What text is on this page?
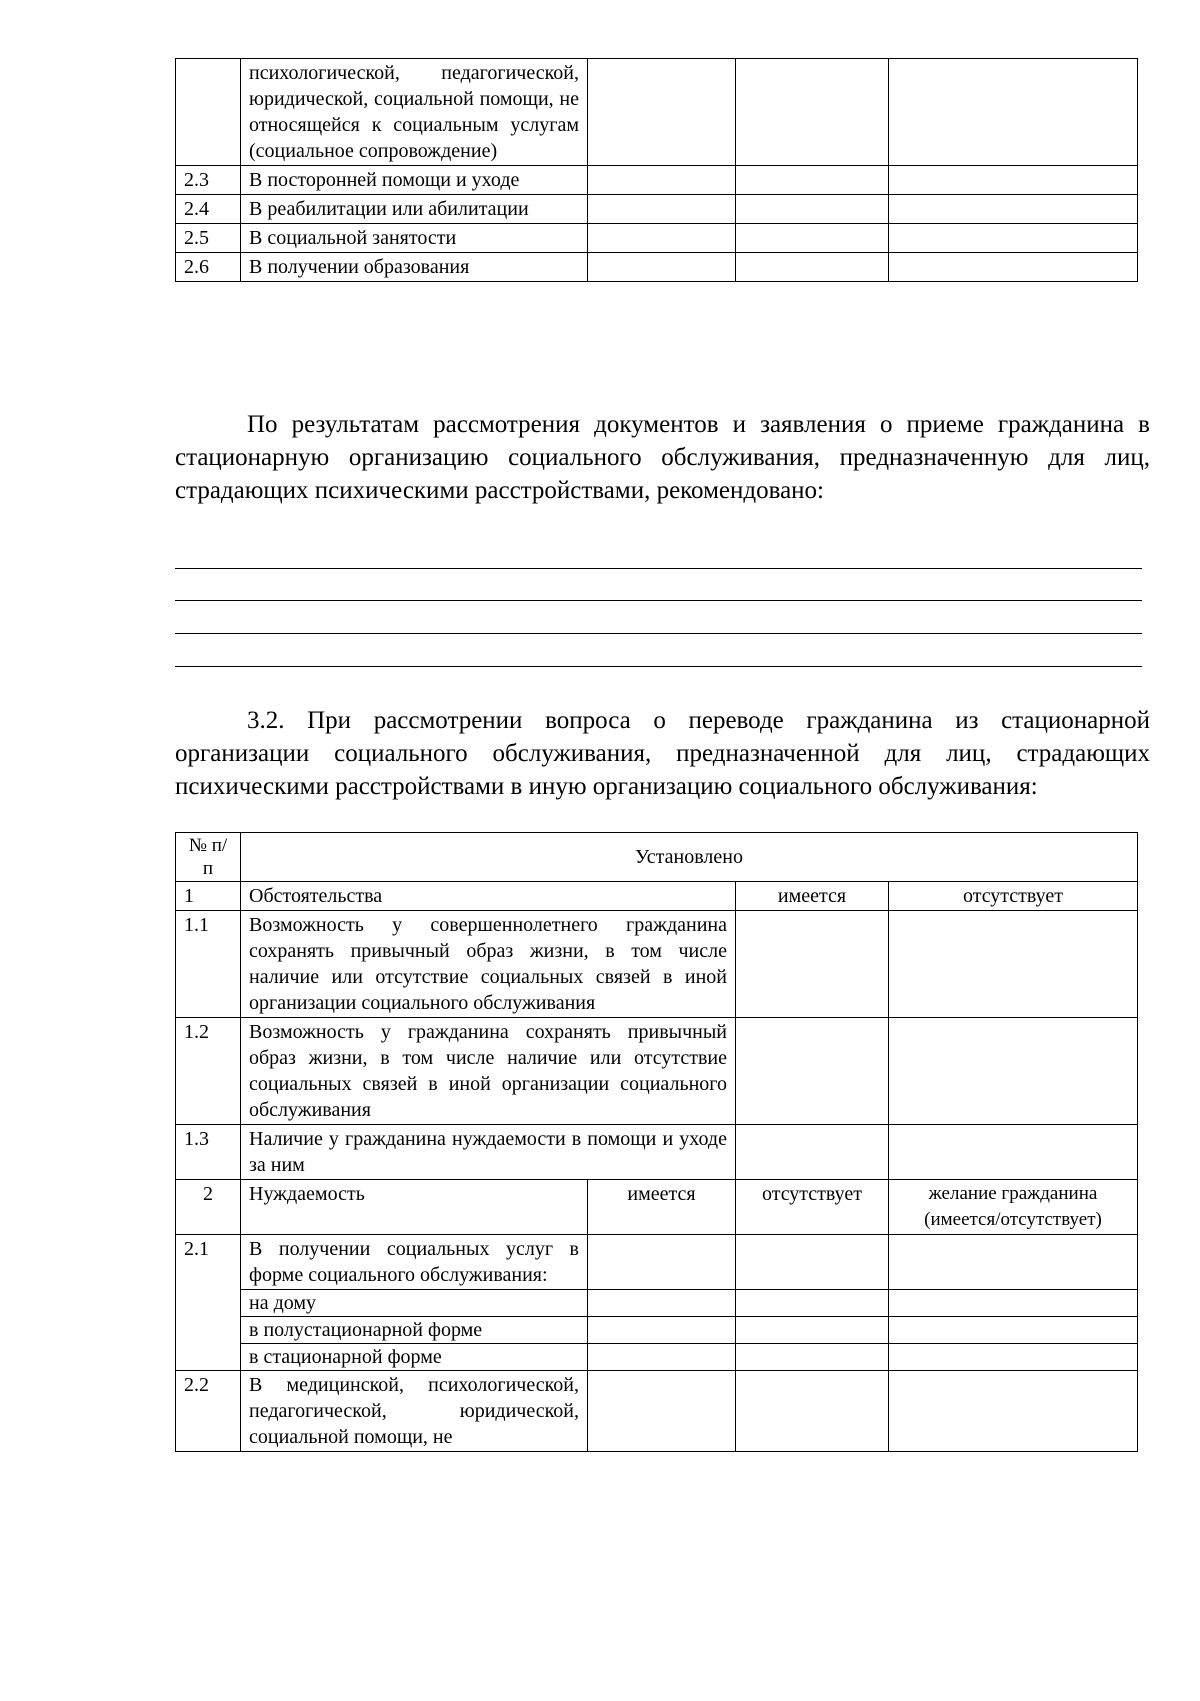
	психологической, педагогической, юридической, социальной помощи, не относящейся к социальным услугам (социальное сопровождение)			
2.3	В посторонней помощи и уходе			
2.4	В реабилитации или абилитации			
2.5	В социальной занятости			
2.6	В получении образования			
По результатам рассмотрения документов и заявления о приеме гражданина в стационарную организацию социального обслуживания, предназначенную для лиц, страдающих психическими расстройствами, рекомендовано:
3.2. При рассмотрении вопроса о переводе гражданина из стационарной организации социального обслуживания, предназначенной для лиц, страдающих психическими расстройствами в иную организацию социального обслуживания:
№ п/п	Установлено			
1	Обстоятельства		имеется	отсутствует
1.1	Возможность у совершеннолетнего гражданина сохранять привычный образ жизни, в том числе наличие или отсутствие социальных связей в иной организации социального обслуживания			
1.2	Возможность у гражданина сохранять привычный образ жизни, в том числе наличие или отсутствие социальных связей в иной организации социального обслуживания			
1.3	Наличие у гражданина нуждаемости в помощи и уходе за ним			
2	Нуждаемость	имеется	отсутствует	желание гражданина (имеется/отсутствует)
2.1	В получении социальных услуг в форме социального обслуживания:			
	на дому			
	в полустационарной форме			
	в стационарной форме			
2.2	В медицинской, психологической, педагогической, юридической, социальной помощи, не			
